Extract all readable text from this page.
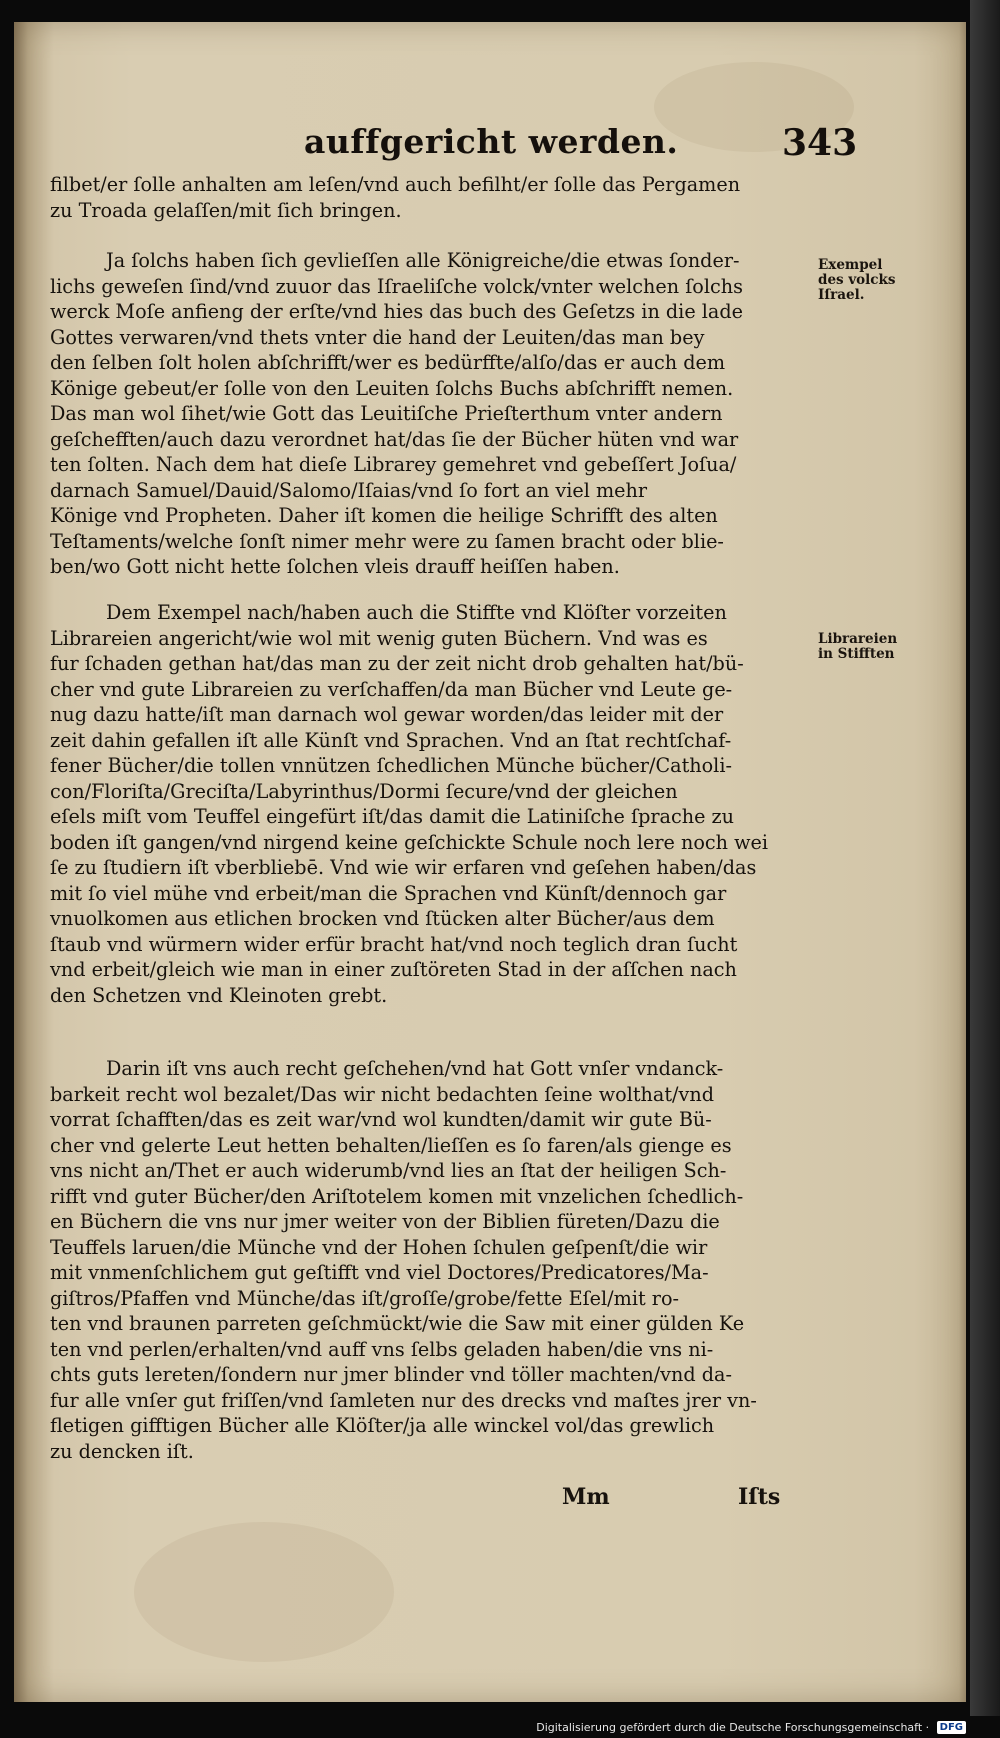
auffgericht werden.	343
filbet/er ſolle anhalten am leſen/vnd auch befilht/er ſolle das Pergamen
zu Troada gelaſſen/mit ſich bringen.
Ja ſolchs haben ſich gevlieſſen alle Königreiche/die etwas ſonder-
lichs geweſen ſind/vnd zuuor das Iſraeliſche volck/vnter welchen ſolchs
werck Moſe anfieng der erſte/vnd hies das buch des Geſetzs in die lade
Gottes verwaren/vnd thets vnter die hand der Leuiten/das man bey
den ſelben ſolt holen abſchrifft/wer es bedürffte/alſo/das er auch dem
Könige gebeut/er ſolle von den Leuiten ſolchs Buchs abſchrifft nemen.
Das man wol ſihet/wie Gott das Leuitiſche Prieſterthum vnter andern
geſchefften/auch dazu verordnet hat/das ſie der Bücher hüten vnd war
ten ſolten. Nach dem hat dieſe Librarey gemehret vnd gebeſſert Joſua/
darnach Samuel/Dauid/Salomo/Iſaias/vnd ſo fort an viel mehr
Könige vnd Propheten. Daher iſt komen die heilige Schrifft des alten
Teſtaments/welche ſonſt nimer mehr were zu ſamen bracht oder blie-
ben/wo Gott nicht hette ſolchen vleis drauff heiſſen haben.
Dem Exempel nach/haben auch die Stiffte vnd Klöſter vorzeiten
Librareien angericht/wie wol mit wenig guten Büchern. Vnd was es
fur ſchaden gethan hat/das man zu der zeit nicht drob gehalten hat/bü-
cher vnd gute Librareien zu verſchaffen/da man Bücher vnd Leute ge-
nug dazu hatte/iſt man darnach wol gewar worden/das leider mit der
zeit dahin gefallen iſt alle Künſt vnd Sprachen. Vnd an ſtat rechtſchaf-
fener Bücher/die tollen vnnützen ſchedlichen Münche bücher/Catholi-
con/Floriſta/Greciſta/Labyrinthus/Dormi ſecure/vnd der gleichen
eſels miſt vom Teuffel eingefürt iſt/das damit die Latiniſche ſprache zu
boden iſt gangen/vnd nirgend keine geſchickte Schule noch lere noch wei
ſe zu ſtudiern iſt vberbliebē. Vnd wie wir erfaren vnd geſehen haben/das
mit ſo viel mühe vnd erbeit/man die Sprachen vnd Künſt/dennoch gar
vnuolkomen aus etlichen brocken vnd ſtücken alter Bücher/aus dem
ſtaub vnd würmern wider erfür bracht hat/vnd noch teglich dran ſucht
vnd erbeit/gleich wie man in einer zuſtöreten Stad in der aſſchen nach
den Schetzen vnd Kleinoten grebt.
Darin iſt vns auch recht geſchehen/vnd hat Gott vnſer vndanck-
barkeit recht wol bezalet/Das wir nicht bedachten ſeine wolthat/vnd
vorrat ſchafften/das es zeit war/vnd wol kundten/damit wir gute Bü-
cher vnd gelerte Leut hetten behalten/lieſſen es ſo faren/als gienge es
vns nicht an/Thet er auch widerumb/vnd lies an ſtat der heiligen Sch-
rifft vnd guter Bücher/den Ariſtotelem komen mit vnzelichen ſchedlich-
en Büchern die vns nur jmer weiter von der Biblien füreten/Dazu die
Teuffels laruen/die Münche vnd der Hohen ſchulen geſpenſt/die wir
mit vnmenſchlichem gut geſtifft vnd viel Doctores/Predicatores/Ma-
giſtros/Pfaffen vnd Münche/das iſt/groſſe/grobe/fette Eſel/mit ro-
ten vnd braunen parreten geſchmückt/wie die Saw mit einer gülden Ke
ten vnd perlen/erhalten/vnd auff vns ſelbs geladen haben/die vns ni-
chts guts lereten/ſondern nur jmer blinder vnd töller machten/vnd da-
fur alle vnſer gut friſſen/vnd ſamleten nur des drecks vnd maſtes jrer vn-
fletigen gifftigen Bücher alle Klöſter/ja alle winckel vol/das grewlich
zu dencken iſt.
Exempel
des volcks
Iſrael.
Librareien
in Stifften
Mm	Iſts
Digitalisierung gefördert durch die Deutsche Forschungsgemeinschaft · DFG
